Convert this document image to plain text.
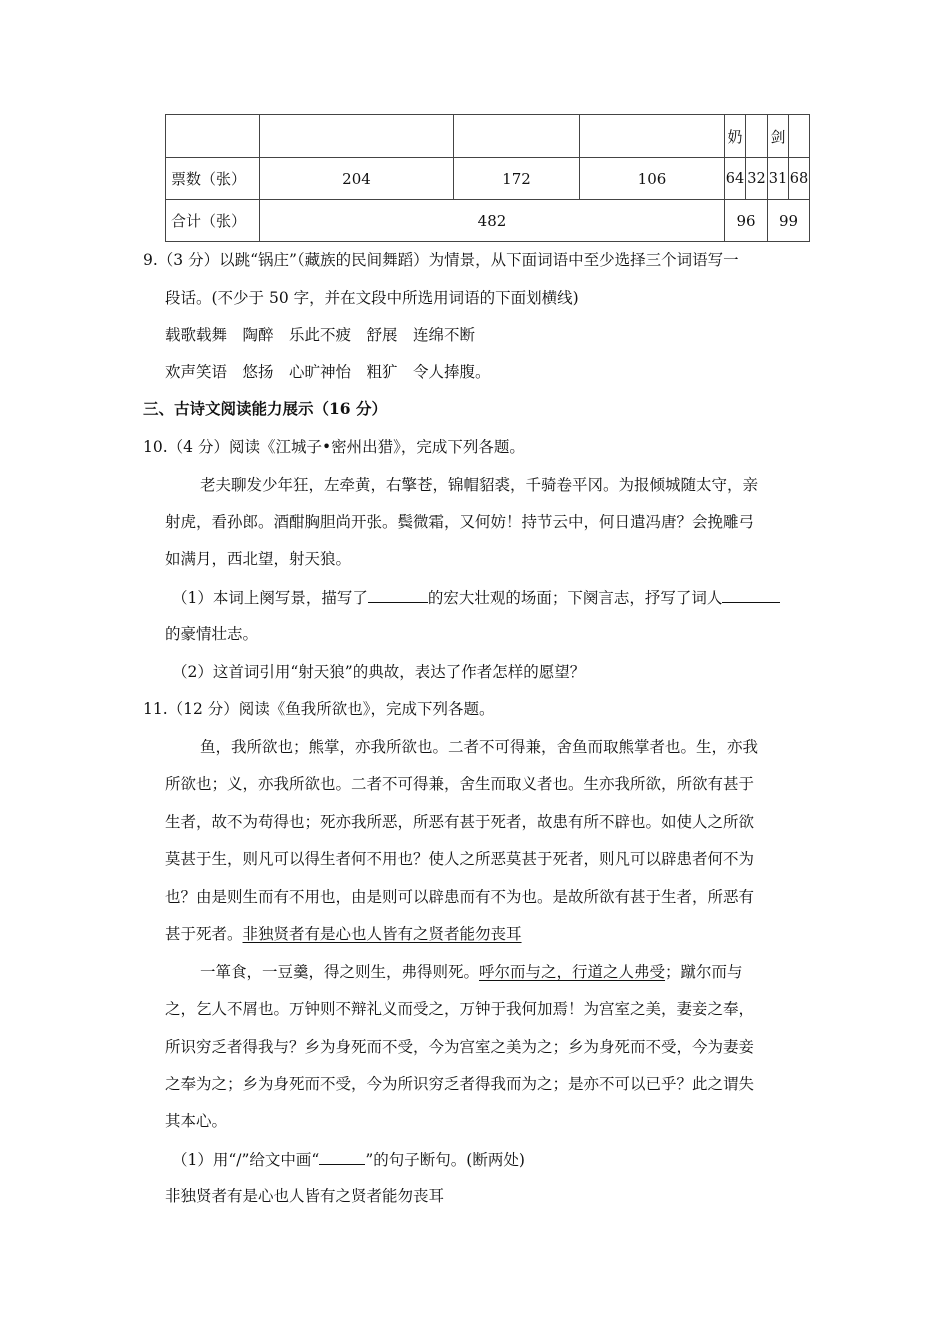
				奶		剑	
票数（张）	204	172	106	64	32	31	68
合计（张）	482			96		99	
9.（3 分）以跳“锅庄”（藏族的民间舞蹈）为情景，从下面词语中至少选择三个词语写一
段话。(不少于 50 字，并在文段中所选用词语的下面划横线)
载歌载舞　陶醉　乐此不疲　舒展　连绵不断
欢声笑语　悠扬　心旷神怡　粗犷　令人捧腹。
三、古诗文阅读能力展示（16 分）
10.（4 分）阅读《江城子•密州出猎》，完成下列各题。
老夫聊发少年狂，左牵黄，右擎苍，锦帽貂裘，千骑卷平冈。为报倾城随太守，亲
射虎，看孙郎。酒酣胸胆尚开张。鬓微霜，又何妨！持节云中，何日遣冯唐？会挽雕弓
如满月，西北望，射天狼。
（1）本词上阕写景，描写了	的宏大壮观的场面；下阕言志，抒写了词人
的豪情壮志。
（2）这首词引用“射天狼”的典故，表达了作者怎样的愿望？
11.（12 分）阅读《鱼我所欲也》，完成下列各题。
鱼，我所欲也；熊掌，亦我所欲也。二者不可得兼，舍鱼而取熊掌者也。生，亦我
所欲也；义，亦我所欲也。二者不可得兼，舍生而取义者也。生亦我所欲，所欲有甚于
生者，故不为苟得也；死亦我所恶，所恶有甚于死者，故患有所不辟也。如使人之所欲
莫甚于生，则凡可以得生者何不用也？使人之所恶莫甚于死者，则凡可以辟患者何不为
也？由是则生而有不用也，由是则可以辟患而有不为也。是故所欲有甚于生者，所恶有
甚于死者。非独贤者有是心也人皆有之贤者能勿丧耳
一箪食，一豆羹，得之则生，弗得则死。呼尔而与之，行道之人弗受；蹴尔而与
之，乞人不屑也。万钟则不辩礼义而受之，万钟于我何加焉！为宫室之美，妻妾之奉，
所识穷乏者得我与？乡为身死而不受，今为宫室之美为之；乡为身死而不受，今为妻妾
之奉为之；乡为身死而不受，今为所识穷乏者得我而为之；是亦不可以已乎？此之谓失
其本心。
（1）用“/”给文中画“	”的句子断句。(断两处)
非独贤者有是心也人皆有之贤者能勿丧耳
